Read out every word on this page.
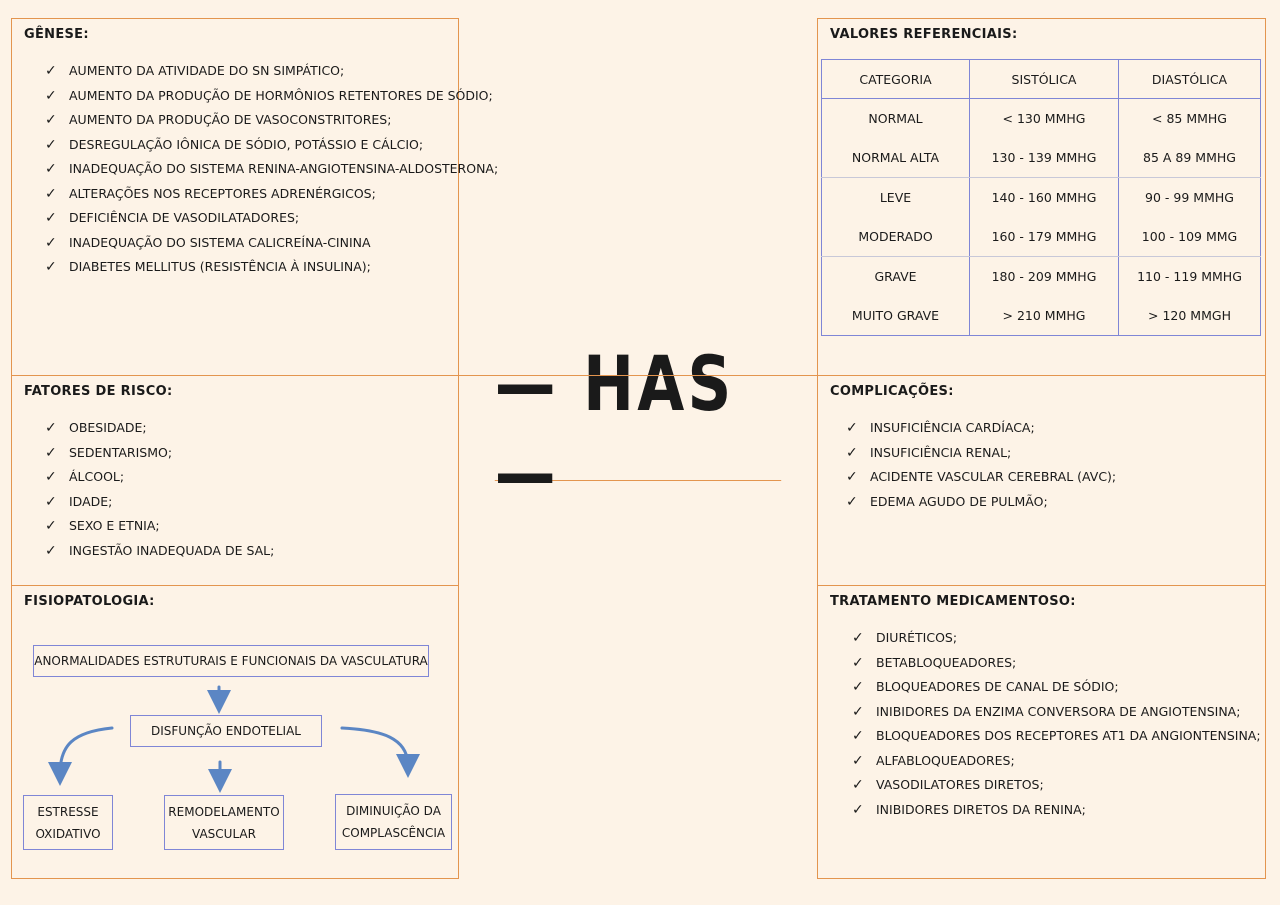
GÊNESE:
✓ AUMENTO DA ATIVIDADE DO SN SIMPÁTICO;
✓ AUMENTO DA PRODUÇÃO DE HORMÔNIOS RETENTORES DE SÓDIO;
✓ AUMENTO DA PRODUÇÃO DE VASOCONSTRITORES;
✓ DESREGULAÇÃO IÔNICA DE SÓDIO, POTÁSSIO E CÁLCIO;
✓ INADEQUAÇÃO DO SISTEMA RENINA-ANGIOTENSINA-ALDOSTERONA;
✓ ALTERAÇÕES NOS RECEPTORES ADRENÉRGICOS;
✓ DEFICIÊNCIA DE VASODILATADORES;
✓ INADEQUAÇÃO DO SISTEMA CALICREÍNA-CININA
✓ DIABETES MELLITUS (RESISTÊNCIA À INSULINA);
VALORES REFERENCIAIS:
CATEGORIA	SISTÓLICA	DIASTÓLICA
NORMAL	< 130 MMHG	< 85 MMHG
NORMAL ALTA	130 - 139 MMHG	85 A 89 MMHG
LEVE	140 - 160 MMHG	90 - 99 MMHG
MODERADO	160 - 179 MMHG	100 - 109 MMG
GRAVE	180 - 209 MMHG	110 - 119 MMHG
MUITO GRAVE	> 210 MMHG	> 120 MMGH
— HAS —
FATORES DE RISCO:
✓ OBESIDADE;
✓ SEDENTARISMO;
✓ ÁLCOOL;
✓ IDADE;
✓ SEXO E ETNIA;
✓ INGESTÃO INADEQUADA DE SAL;
COMPLICAÇÕES:
✓ INSUFICIÊNCIA CARDÍACA;
✓ INSUFICIÊNCIA RENAL;
✓ ACIDENTE VASCULAR CEREBRAL (AVC);
✓ EDEMA AGUDO DE PULMÃO;
FISIOPATOLOGIA:
ANORMALIDADES ESTRUTURAIS E FUNCIONAIS DA VASCULATURA
DISFUNÇÃO ENDOTELIAL
ESTRESSE OXIDATIVO
REMODELAMENTO VASCULAR
DIMINUIÇÃO DA COMPLASCÊNCIA
TRATAMENTO MEDICAMENTOSO:
✓ DIURÉTICOS;
✓ BETABLOQUEADORES;
✓ BLOQUEADORES DE CANAL DE SÓDIO;
✓ INIBIDORES DA ENZIMA CONVERSORA DE ANGIOTENSINA;
✓ BLOQUEADORES DOS RECEPTORES AT1 DA ANGIONTENSINA;
✓ ALFABLOQUEADORES;
✓ VASODILATORES DIRETOS;
✓ INIBIDORES DIRETOS DA RENINA;
